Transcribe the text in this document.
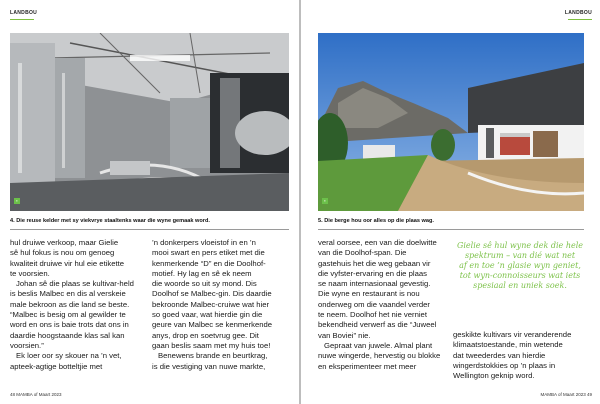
LANDBOU
▪
4. Die reuse kelder met sy viekvrye staaltenks waar die wyne gemaak word.

hul druiwe verkoop, maar Gielie

sê hul fokus is nou om genoeg

kwaliteit druiwe vir hul eie etikette

te voorsien.

Johan sê die plaas se kultivar-held

is beslis Malbec en dis al verskeie

male bekroon as die land se beste.

“Malbec is besig om al gewilder te

word en ons is baie trots dat ons in

daardie hoogstaande klas sal kan

voorsien.”

Ek loer oor sy skouer na ’n vet,

apteek-agtige botteltjie met

’n donkerpers vloeistof in en ’n

mooi swart en pers etiket met die

kenmerkende “D” en die Doolhof-

motief. Hy lag en sê ek neem

die woorde so uit sy mond. Dis

Doolhof se Malbec-gin. Dis daardie

bekroonde Malbec-cruiwe wat hier

so goed vaar, wat hierdie gin die

geure van Malbec se kenmerkende

anys, drop en soetvrug gee. Dit

gaan beslis saam met my huis toe!

Benewens brande en beurtkrag,

is die vestiging van nuwe markte,

48 MAMBA of Maart 2023
LANDBOU
▪
5. Die berge hou oor alles op die plaas wag.

veral oorsee, een van die doelwitte

van die Doolhof-span. Die

gastehuis het die weg gebaan vir

die vyfster-ervaring en die plaas

se naam internasionaal gevestig.

Die wyne en restaurant is nou

onderweg om die vaandel verder

te neem. Doolhof het nie verniet

bekendheid verwerf as die “Juweel

van Boviei” nie.

Gepraat van juwele. Almal plant

nuwe wingerde, hervestig ou blokke

en eksperimenteer met meer

Gielie sê hul wyne dek die hele

spektrum – van dié wat net

af en toe ’n glasie wyn geniet,

tot wyn-connoisseurs wat iets

spesiaal en uniek soek.

geskikte kultivars vir veranderende

klimaatstoestande, min wetende

dat tweederdes van hierdie

wingerdstokkies op ’n plaas in

Wellington geknip word.

MAMBA of Maart 2023 49
